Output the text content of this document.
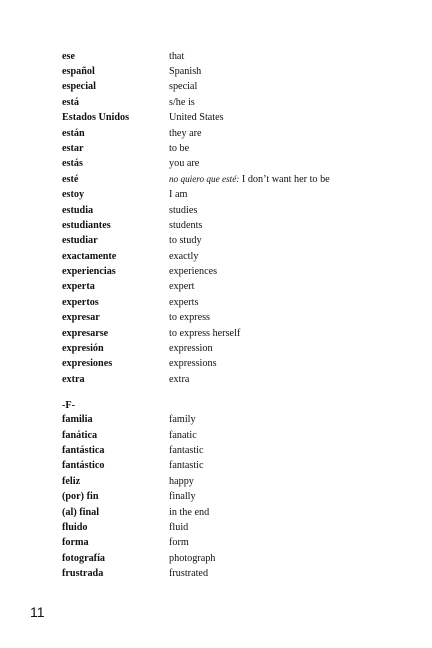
ese	that
español	Spanish
especial	special
está	s/he is
Estados Unidos	United States
están	they are
estar	to be
estás	you are
esté	no quiero que esté: I don’t want her to be
estoy	I am
estudia	studies
estudiantes	students
estudiar	to study
exactamente	exactly
experiencias	experiences
experta	expert
expertos	experts
expresar	to express
expresarse	to express herself
expresión	expression
expresiones	expressions
extra	extra
-F-
familia	family
fanática	fanatic
fantástica	fantastic
fantástico	fantastic
feliz	happy
(por) fin	finally
(al) final	in the end
fluido	fluid
forma	form
fotografía	photograph
frustrada	frustrated
11
